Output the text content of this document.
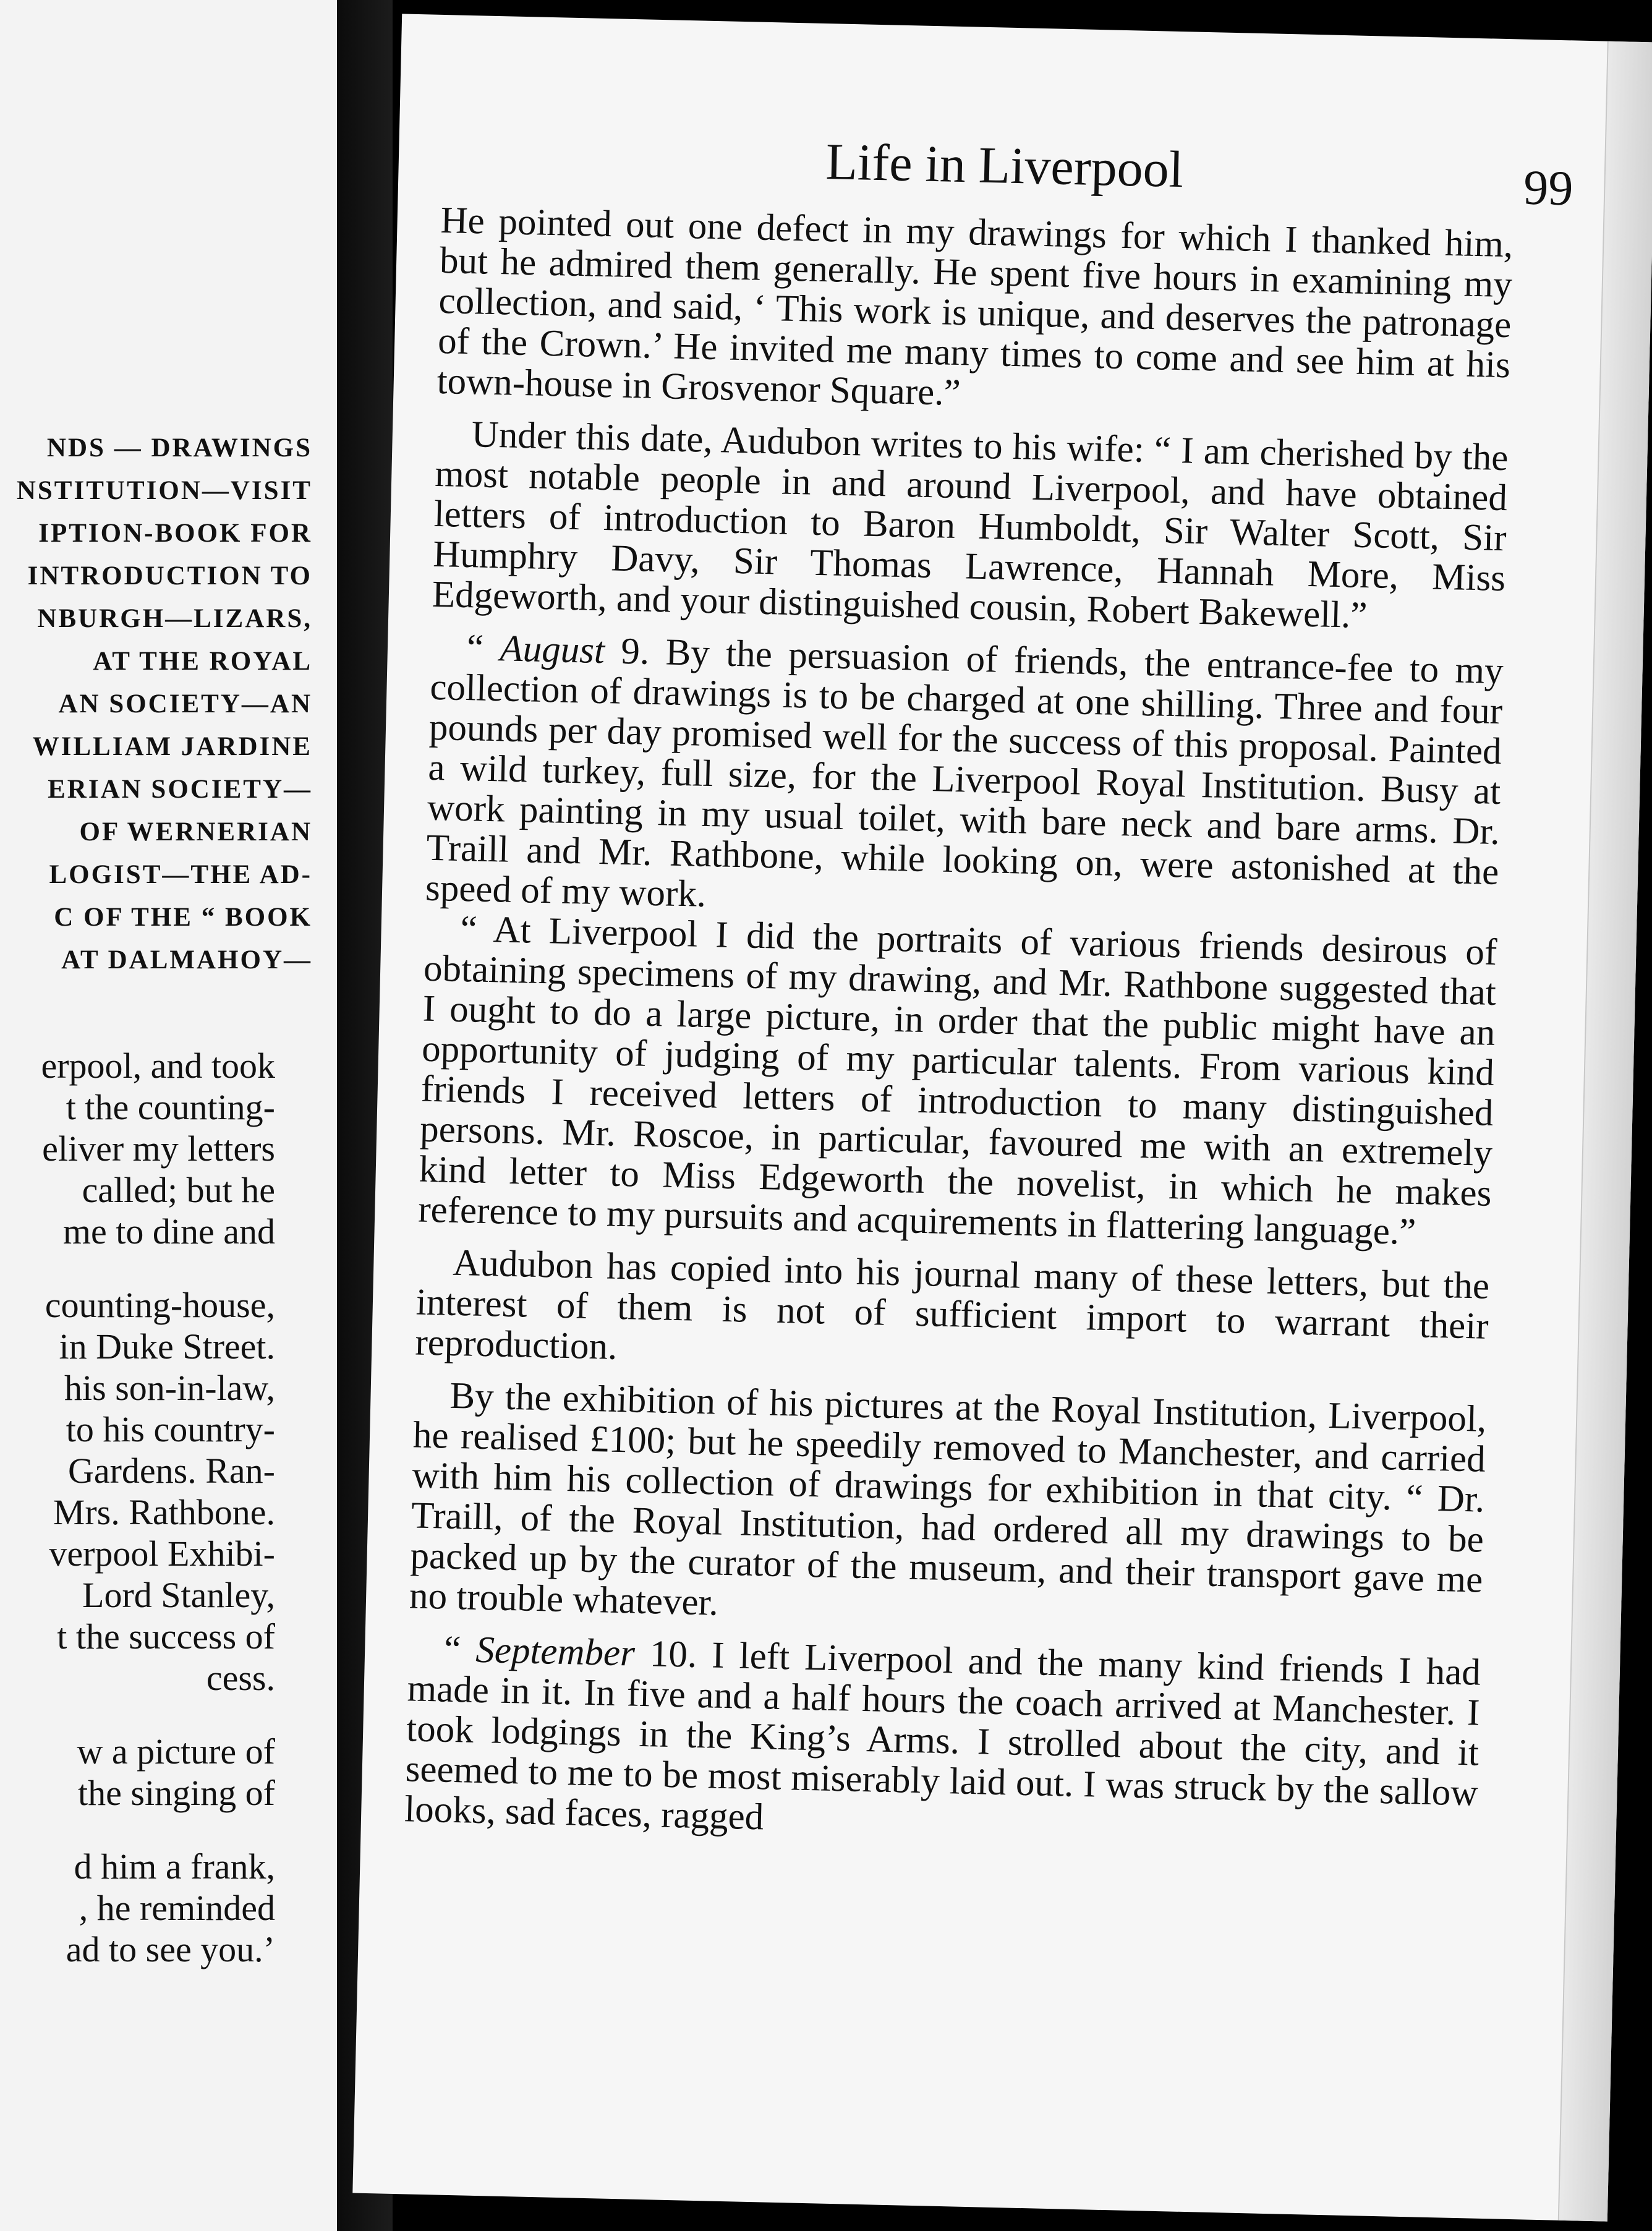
NDS — DRAWINGS
NSTITUTION—VISIT
IPTION-BOOK FOR
INTRODUCTION TO
NBURGH—LIZARS,
AT THE ROYAL
AN SOCIETY—AN
WILLIAM JARDINE
ERIAN SOCIETY—
OF WERNERIAN
LOGIST—THE AD-
C OF THE “ BOOK
AT DALMAHOY—
erpool, and took
t the counting-
eliver my letters
called; but he
me to dine and
counting-house,
in Duke Street.
his son-in-law,
to his country-
Gardens. Ran-
Mrs. Rathbone.
verpool Exhibi-
Lord Stanley,
t the success of
cess.
w a picture of
the singing of
d him a frank,
, he reminded
ad to see you.’
Life in Liverpool	99

He pointed out one defect in my drawings for which I thanked him, but he admired them generally. He spent five hours in examining my collection, and said, ‘ This work is unique, and deserves the patronage of the Crown.’ He invited me many times to come and see him at his town-house in Grosvenor Square.”

Under this date, Audubon writes to his wife: “ I am cherished by the most notable people in and around Liverpool, and have obtained letters of introduction to Baron Humboldt, Sir Walter Scott, Sir Humphry Davy, Sir Thomas Lawrence, Hannah More, Miss Edgeworth, and your distinguished cousin, Robert Bakewell.”

“ August 9. By the persuasion of friends, the entrance-fee to my collection of drawings is to be charged at one shilling. Three and four pounds per day promised well for the success of this proposal. Painted a wild turkey, full size, for the Liverpool Royal Institution. Busy at work painting in my usual toilet, with bare neck and bare arms. Dr. Traill and Mr. Rathbone, while looking on, were astonished at the speed of my work.

“ At Liverpool I did the portraits of various friends desirous of obtaining specimens of my drawing, and Mr. Rathbone suggested that I ought to do a large picture, in order that the public might have an opportunity of judging of my particular talents. From various kind friends I received letters of introduction to many distinguished persons. Mr. Roscoe, in particular, favoured me with an extremely kind letter to Miss Edgeworth the novelist, in which he makes reference to my pursuits and acquirements in flattering language.”

Audubon has copied into his journal many of these letters, but the interest of them is not of sufficient import to warrant their reproduction.

By the exhibition of his pictures at the Royal Institution, Liverpool, he realised £100; but he speedily removed to Manchester, and carried with him his collection of drawings for exhibition in that city. “ Dr. Traill, of the Royal Institution, had ordered all my drawings to be packed up by the curator of the museum, and their transport gave me no trouble whatever.

“ September 10. I left Liverpool and the many kind friends I had made in it. In five and a half hours the coach arrived at Manchester. I took lodgings in the King’s Arms. I strolled about the city, and it seemed to me to be most miserably laid out. I was struck by the sallow looks, sad faces, ragged
